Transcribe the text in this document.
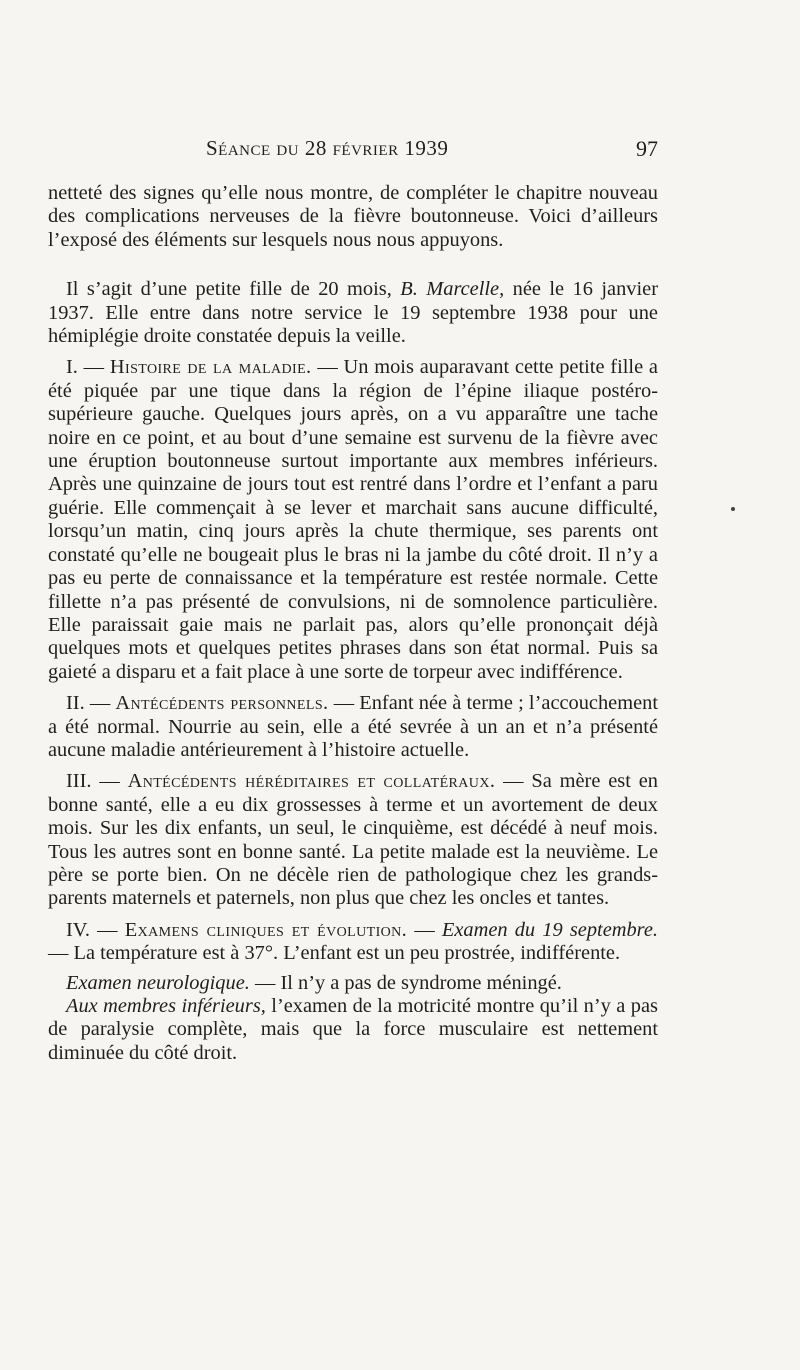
Séance du 28 février 1939	97

netteté des signes qu’elle nous montre, de compléter le chapitre nouveau des complications nerveuses de la fièvre boutonneuse. Voici d’ailleurs l’exposé des éléments sur lesquels nous nous appuyons.

Il s’agit d’une petite fille de 20 mois, B. Marcelle, née le 16 janvier 1937. Elle entre dans notre service le 19 septembre 1938 pour une hémiplégie droite constatée depuis la veille.

I. — Histoire de la maladie. — Un mois auparavant cette petite fille a été piquée par une tique dans la région de l’épine iliaque postéro-supérieure gauche. Quelques jours après, on a vu apparaître une tache noire en ce point, et au bout d’une semaine est survenu de la fièvre avec une éruption boutonneuse surtout importante aux membres inférieurs. Après une quinzaine de jours tout est rentré dans l’ordre et l’enfant a paru guérie. Elle commençait à se lever et marchait sans aucune difficulté, lorsqu’un matin, cinq jours après la chute thermique, ses parents ont constaté qu’elle ne bougeait plus le bras ni la jambe du côté droit. Il n’y a pas eu perte de connaissance et la température est restée normale. Cette fillette n’a pas présenté de convulsions, ni de somnolence particulière. Elle paraissait gaie mais ne parlait pas, alors qu’elle prononçait déjà quelques mots et quelques petites phrases dans son état normal. Puis sa gaieté a disparu et a fait place à une sorte de torpeur avec indifférence.

II. — Antécédents personnels. — Enfant née à terme ; l’accouchement a été normal. Nourrie au sein, elle a été sevrée à un an et n’a présenté aucune maladie antérieurement à l’histoire actuelle.

III. — Antécédents héréditaires et collatéraux. — Sa mère est en bonne santé, elle a eu dix grossesses à terme et un avortement de deux mois. Sur les dix enfants, un seul, le cinquième, est décédé à neuf mois. Tous les autres sont en bonne santé. La petite malade est la neuvième. Le père se porte bien. On ne décèle rien de pathologique chez les grands-parents maternels et paternels, non plus que chez les oncles et tantes.

IV. — Examens cliniques et évolution. — Examen du 19 septembre. — La température est à 37°. L’enfant est un peu prostrée, indifférente.

Examen neurologique. — Il n’y a pas de syndrome méningé.

Aux membres inférieurs, l’examen de la motricité montre qu’il n’y a pas de paralysie complète, mais que la force musculaire est nettement diminuée du côté droit.
